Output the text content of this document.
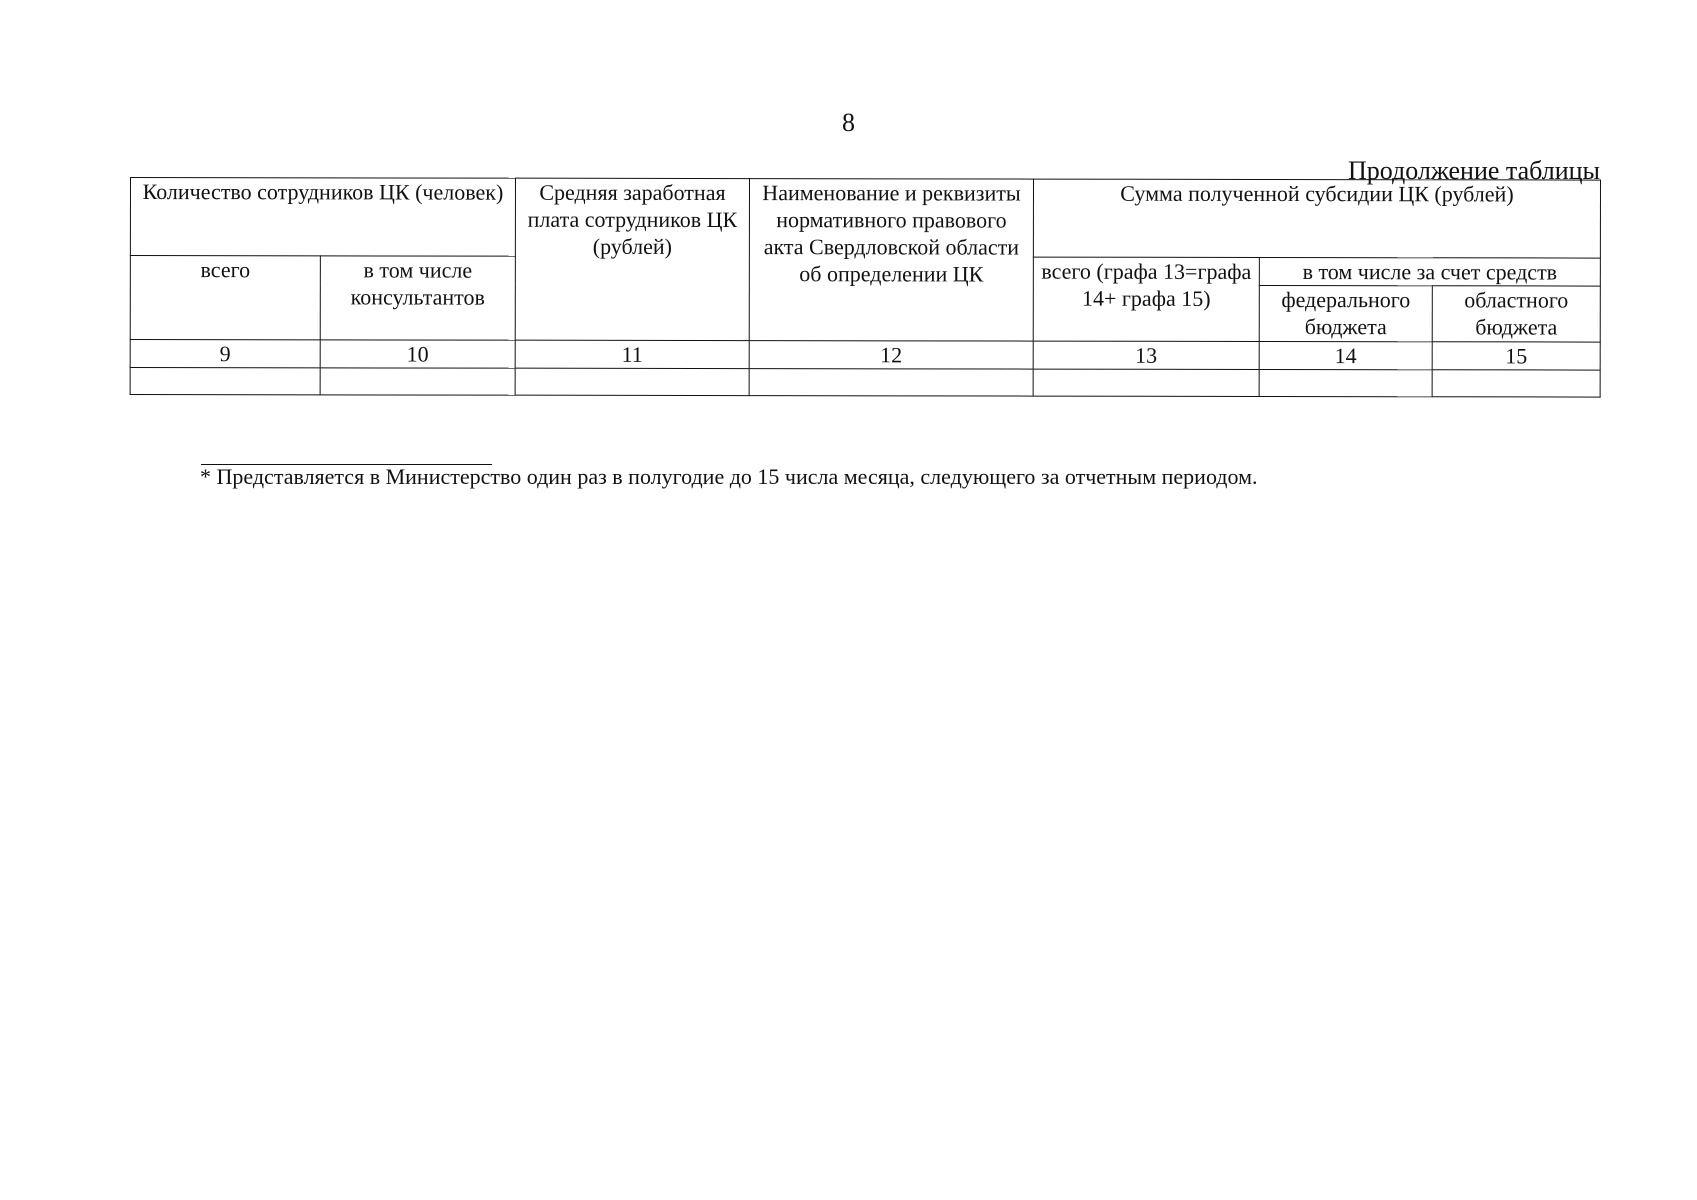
8
Продолжение таблицы
Количество сотрудников ЦК (человек)		Средняя заработная плата сотрудников ЦК (рублей)	Наименование и реквизиты нормативного правового акта Свердловской области об определении ЦК	Сумма полученной субсидии ЦК (рублей)		
всего	в том числе консультантов			всего (графа 13=графа 14+ графа 15)	в том числе за счет средств	
					федерального бюджета	областного бюджета
9	10	11	12	13	14	15

* Представляется в Министерство один раз в полугодие до 15 числа месяца, следующего за отчетным периодом.
